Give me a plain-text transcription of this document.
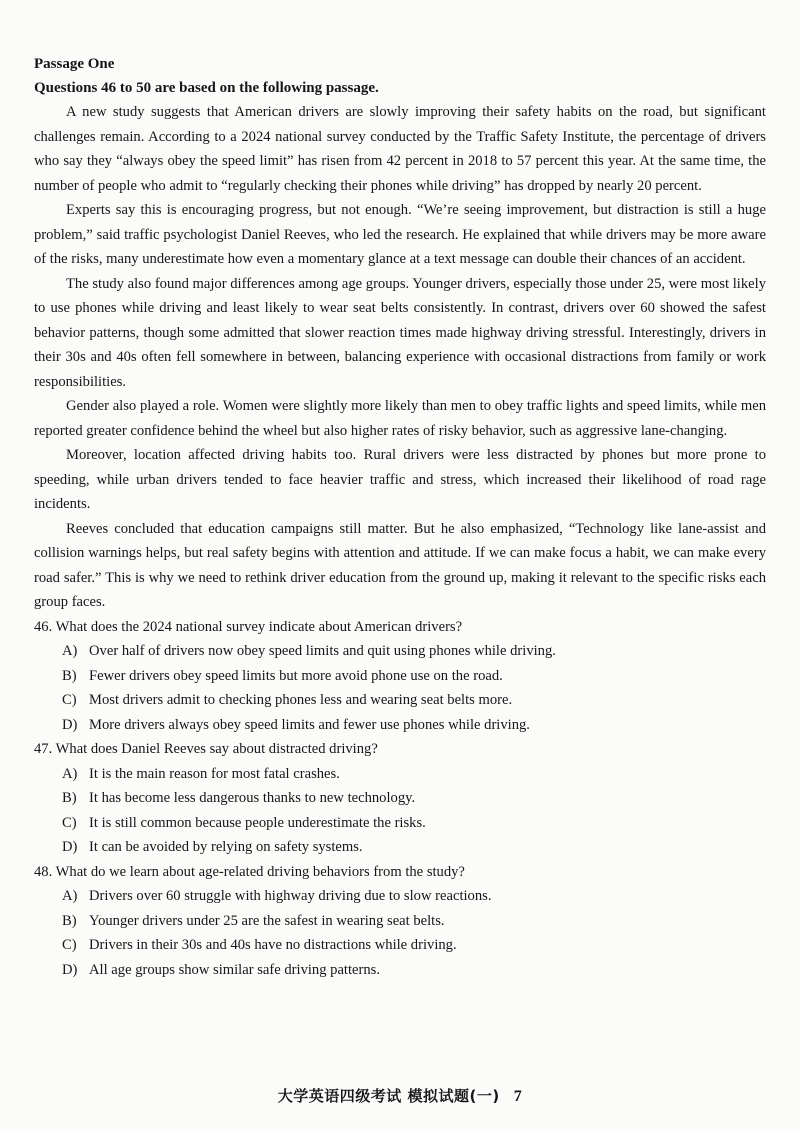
Passage One

Questions 46 to 50 are based on the following passage.

A new study suggests that American drivers are slowly improving their safety habits on the road, but significant challenges remain. According to a 2024 national survey conducted by the Traffic Safety Institute, the percentage of drivers who say they “always obey the speed limit” has risen from 42 percent in 2018 to 57 percent this year. At the same time, the number of people who admit to “regularly checking their phones while driving” has dropped by nearly 20 percent.

Experts say this is encouraging progress, but not enough. “We’re seeing improvement, but distraction is still a huge problem,” said traffic psychologist Daniel Reeves, who led the research. He explained that while drivers may be more aware of the risks, many underestimate how even a momentary glance at a text message can double their chances of an accident.

The study also found major differences among age groups. Younger drivers, especially those under 25, were most likely to use phones while driving and least likely to wear seat belts consistently. In contrast, drivers over 60 showed the safest behavior patterns, though some admitted that slower reaction times made highway driving stressful. Interestingly, drivers in their 30s and 40s often fell somewhere in between, balancing experience with occasional distractions from family or work responsibilities.

Gender also played a role. Women were slightly more likely than men to obey traffic lights and speed limits, while men reported greater confidence behind the wheel but also higher rates of risky behavior, such as aggressive lane-changing.

Moreover, location affected driving habits too. Rural drivers were less distracted by phones but more prone to speeding, while urban drivers tended to face heavier traffic and stress, which increased their likelihood of road rage incidents.

Reeves concluded that education campaigns still matter. But he also emphasized, “Technology like lane-assist and collision warnings helps, but real safety begins with attention and attitude. If we can make focus a habit, we can make every road safer.” This is why we need to rethink driver education from the ground up, making it relevant to the specific risks each group faces.

46. What does the 2024 national survey indicate about American drivers?

A) Over half of drivers now obey speed limits and quit using phones while driving.
B) Fewer drivers obey speed limits but more avoid phone use on the road.
C) Most drivers admit to checking phones less and wearing seat belts more.
D) More drivers always obey speed limits and fewer use phones while driving.

47. What does Daniel Reeves say about distracted driving?

A) It is the main reason for most fatal crashes.
B) It has become less dangerous thanks to new technology.
C) It is still common because people underestimate the risks.
D) It can be avoided by relying on safety systems.

48. What do we learn about age-related driving behaviors from the study?

A) Drivers over 60 struggle with highway driving due to slow reactions.
B) Younger drivers under 25 are the safest in wearing seat belts.
C) Drivers in their 30s and 40s have no distractions while driving.
D) All age groups show similar safe driving patterns.
大学英语四级考试 模拟试题(一) 7
